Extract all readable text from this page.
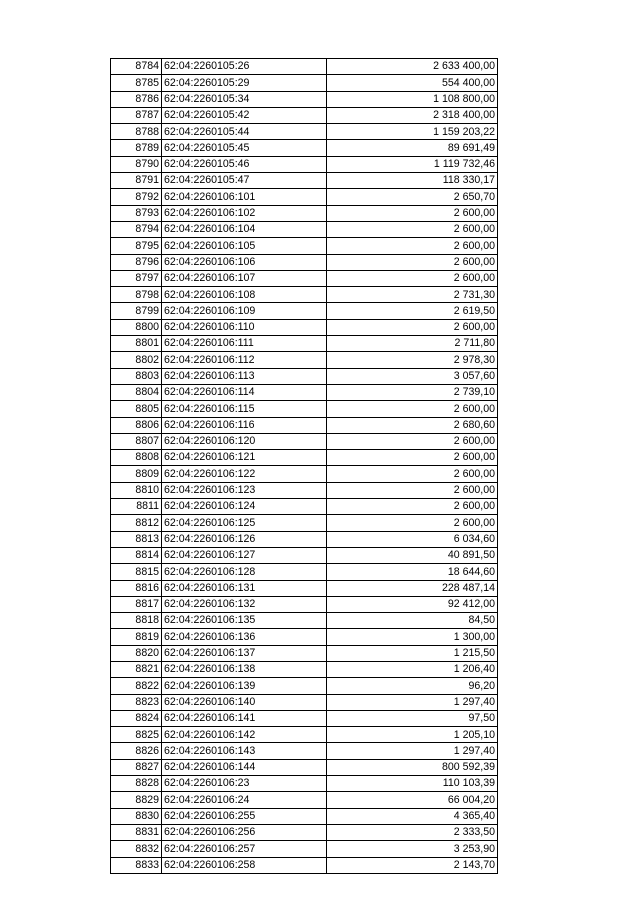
8784	62:04:2260105:26	2 633 400,00
8785	62:04:2260105:29	554 400,00
8786	62:04:2260105:34	1 108 800,00
8787	62:04:2260105:42	2 318 400,00
8788	62:04:2260105:44	1 159 203,22
8789	62:04:2260105:45	89 691,49
8790	62:04:2260105:46	1 119 732,46
8791	62:04:2260105:47	118 330,17
8792	62:04:2260106:101	2 650,70
8793	62:04:2260106:102	2 600,00
8794	62:04:2260106:104	2 600,00
8795	62:04:2260106:105	2 600,00
8796	62:04:2260106:106	2 600,00
8797	62:04:2260106:107	2 600,00
8798	62:04:2260106:108	2 731,30
8799	62:04:2260106:109	2 619,50
8800	62:04:2260106:110	2 600,00
8801	62:04:2260106:111	2 711,80
8802	62:04:2260106:112	2 978,30
8803	62:04:2260106:113	3 057,60
8804	62:04:2260106:114	2 739,10
8805	62:04:2260106:115	2 600,00
8806	62:04:2260106:116	2 680,60
8807	62:04:2260106:120	2 600,00
8808	62:04:2260106:121	2 600,00
8809	62:04:2260106:122	2 600,00
8810	62:04:2260106:123	2 600,00
8811	62:04:2260106:124	2 600,00
8812	62:04:2260106:125	2 600,00
8813	62:04:2260106:126	6 034,60
8814	62:04:2260106:127	40 891,50
8815	62:04:2260106:128	18 644,60
8816	62:04:2260106:131	228 487,14
8817	62:04:2260106:132	92 412,00
8818	62:04:2260106:135	84,50
8819	62:04:2260106:136	1 300,00
8820	62:04:2260106:137	1 215,50
8821	62:04:2260106:138	1 206,40
8822	62:04:2260106:139	96,20
8823	62:04:2260106:140	1 297,40
8824	62:04:2260106:141	97,50
8825	62:04:2260106:142	1 205,10
8826	62:04:2260106:143	1 297,40
8827	62:04:2260106:144	800 592,39
8828	62:04:2260106:23	110 103,39
8829	62:04:2260106:24	66 004,20
8830	62:04:2260106:255	4 365,40
8831	62:04:2260106:256	2 333,50
8832	62:04:2260106:257	3 253,90
8833	62:04:2260106:258	2 143,70
